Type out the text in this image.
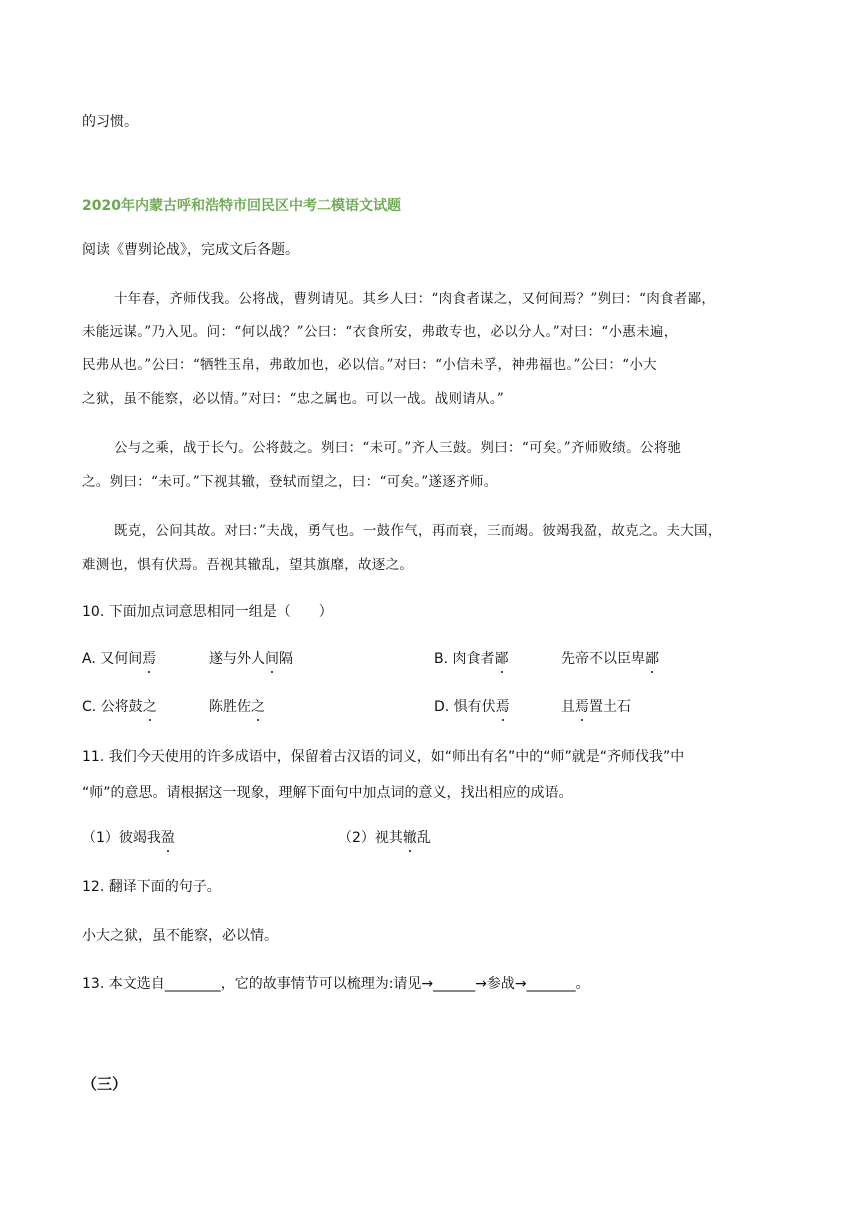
的习惯。
2020年内蒙古呼和浩特市回民区中考二模语文试题
阅读《曹刿论战》，完成文后各题。
十年春，齐师伐我。公将战，曹刿请见。其乡人曰：“肉食者谋之，又何间焉？”刿曰：“肉食者鄙，
未能远谋。”乃入见。问：“何以战？”公曰：“衣食所安，弗敢专也，必以分人。”对曰：“小惠未遍，
民弗从也。”公曰：“牺牲玉帛，弗敢加也，必以信。”对曰：“小信未孚，神弗福也。”公曰：“小大
之狱，虽不能察，必以情。”对曰：“忠之属也。可以一战。战则请从。”
公与之乘，战于长勺。公将鼓之。刿曰：“未可。”齐人三鼓。刿曰：“可矣。”齐师败绩。公将驰
之。刿曰：“未可。”下视其辙，登轼而望之，曰：“可矣。”遂逐齐师。
既克，公问其故。对曰：”夫战，勇气也。一鼓作气，再而衰，三而竭。彼竭我盈，故克之。夫大国，
难测也，惧有伏焉。吾视其辙乱，望其旗靡，故逐之。
10. 下面加点词意思相同一组是（　　）
A. 又何间焉	遂与外人间隔	B. 肉食者鄙	先帝不以臣卑鄙
C. 公将鼓之	陈胜佐之	D. 惧有伏焉	且焉置土石
11. 我们今天使用的许多成语中，保留着古汉语的词义，如“师出有名”中的“师”就是“齐师伐我”中
“师”的意思。请根据这一现象，理解下面句中加点词的意义，找出相应的成语。
（1）彼竭我盈	（2）视其辙乱
12. 翻译下面的句子。
小大之狱，虽不能察，必以情。
13. 本文选自________，它的故事情节可以梳理为:请见→______→参战→_______。
（三）
